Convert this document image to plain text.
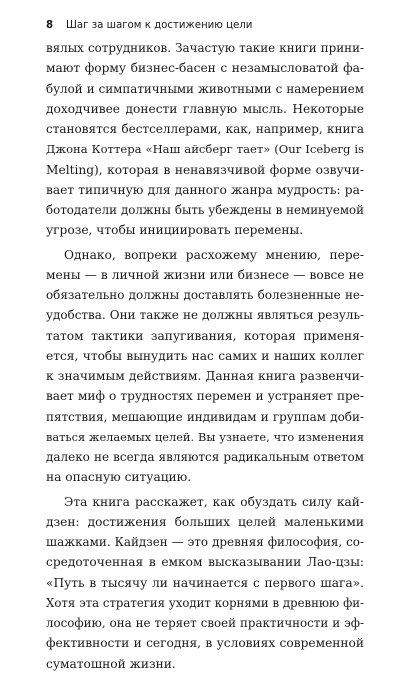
8 Шаг за шагом к достижению цели

вялых сотрудников. Зачастую такие книги прини-
мают форму бизнес-басен с незамысловатой фа-
булой и симпатичными животными с намерением
доходчивее донести главную мысль. Некоторые
становятся бестселлерами, как, например, книга
Джона Коттера «Наш айсберг тает» (Our Iceberg is
Melting), которая в ненавязчивой форме озвучи-
вает типичную для данного жанра мудрость: ра-
ботодатели должны быть убеждены в неминуемой
угрозе, чтобы инициировать перемены.

Однако, вопреки расхожему мнению, пере-
мены — в личной жизни или бизнесе — вовсе не
обязательно должны доставлять болезненные не-
удобства. Они также не должны являться резуль-
татом тактики запугивания, которая применя-
ется, чтобы вынудить нас самих и наших коллег
к значимым действиям. Данная книга развенчи-
вает миф о трудностях перемен и устраняет пре-
пятствия, мешающие индивидам и группам доби-
ваться желаемых целей. Вы узнаете, что изменения
далеко не всегда являются радикальным ответом
на опасную ситуацию.

Эта книга расскажет, как обуздать силу кай-
дзен: достижения больших целей маленькими
шажками. Кайдзен — это древняя философия, со-
средоточенная в емком высказывании Лао-цзы:
«Путь в тысячу ли начинается с первого шага».
Хотя эта стратегия уходит корнями в древнюю фи-
лософию, она не теряет своей практичности и эф-
фективности и сегодня, в условиях современной
суматошной жизни.
